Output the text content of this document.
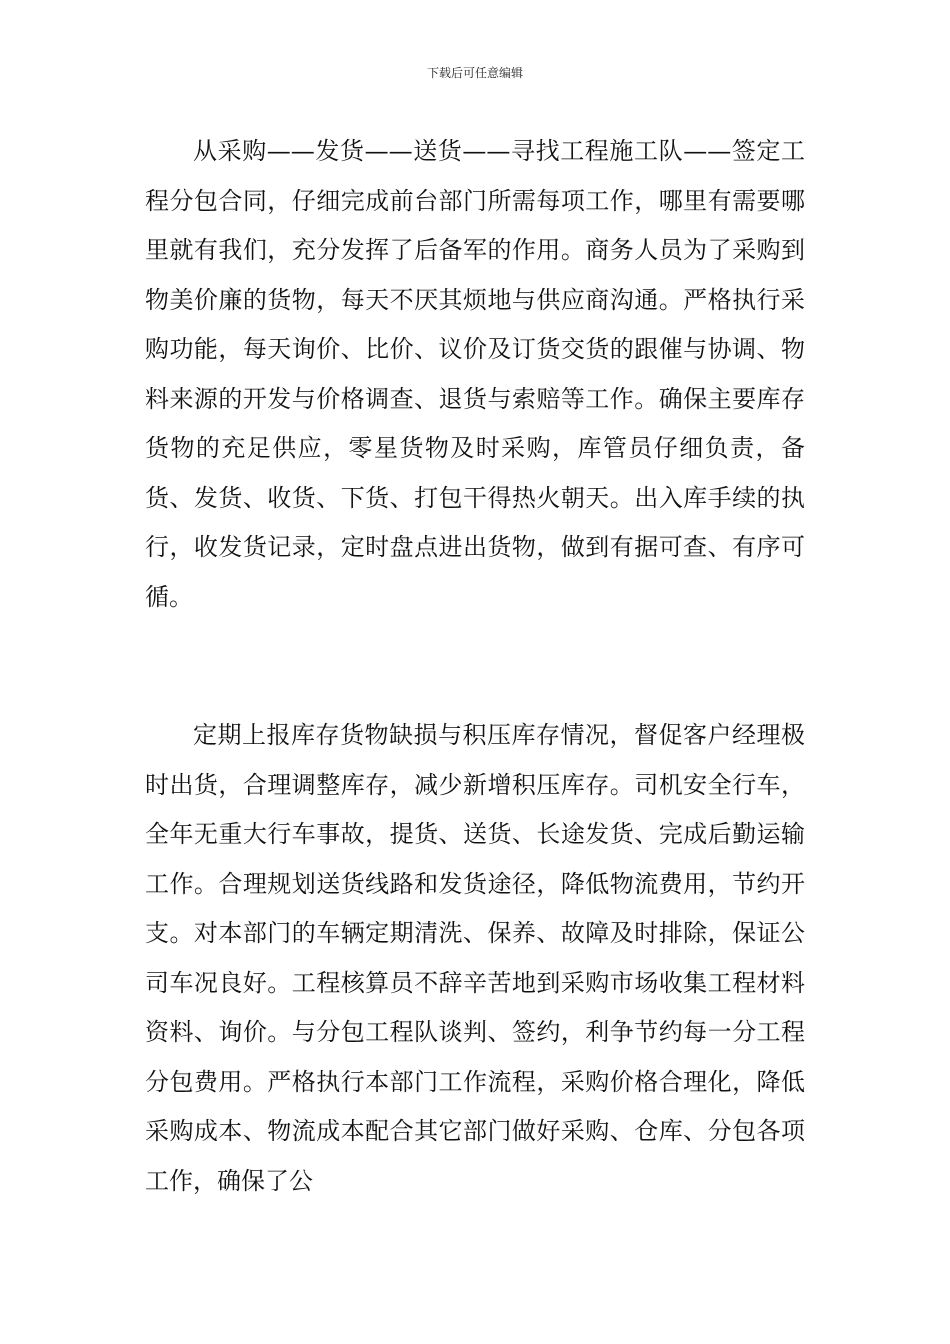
下载后可任意编辑

从采购——发货——送货——寻找工程施工队——签定工程分包合同，仔细完成前台部门所需每项工作，哪里有需要哪里就有我们，充分发挥了后备军的作用。商务人员为了采购到物美价廉的货物，每天不厌其烦地与供应商沟通。严格执行采购功能，每天询价、比价、议价及订货交货的跟催与协调、物料来源的开发与价格调查、退货与索赔等工作。确保主要库存货物的充足供应，零星货物及时采购，库管员仔细负责，备货、发货、收货、下货、打包干得热火朝天。出入库手续的执行，收发货记录，定时盘点进出货物，做到有据可查、有序可循。

定期上报库存货物缺损与积压库存情况，督促客户经理极时出货，合理调整库存，减少新增积压库存。司机安全行车，全年无重大行车事故，提货、送货、长途发货、完成后勤运输工作。合理规划送货线路和发货途径，降低物流费用，节约开支。对本部门的车辆定期清洗、保养、故障及时排除，保证公司车况良好。工程核算员不辞辛苦地到采购市场收集工程材料资料、询价。与分包工程队谈判、签约，利争节约每一分工程分包费用。严格执行本部门工作流程，采购价格合理化，降低采购成本、物流成本配合其它部门做好采购、仓库、分包各项工作，确保了公
